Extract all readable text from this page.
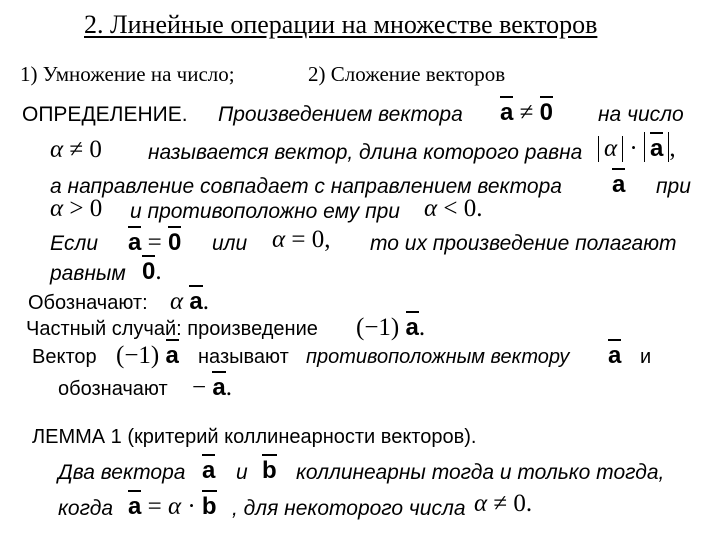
2. Линейные операции на множестве векторов
1) Умножение на число;	2) Сложение векторов
ОПРЕДЕЛЕНИЕ. Произведением вектора a ≠ 0 на число
α ≠ 0 называется вектор, длина которого равна α · a ,
а направление совпадает с направлением вектора a при
α > 0 и противоположно ему при α < 0.
Если a = 0 или α = 0, то их произведение полагают
равным 0.
Обозначают: α a.
Частный случай: произведение (−1) a.
Вектор (−1) a называют противоположным вектору a и
обозначают − a.
ЛЕММА 1 (критерий коллинеарности векторов).
Два вектора a и b коллинеарны тогда и только тогда,
когда a = α · b , для некоторого числа α ≠ 0.
